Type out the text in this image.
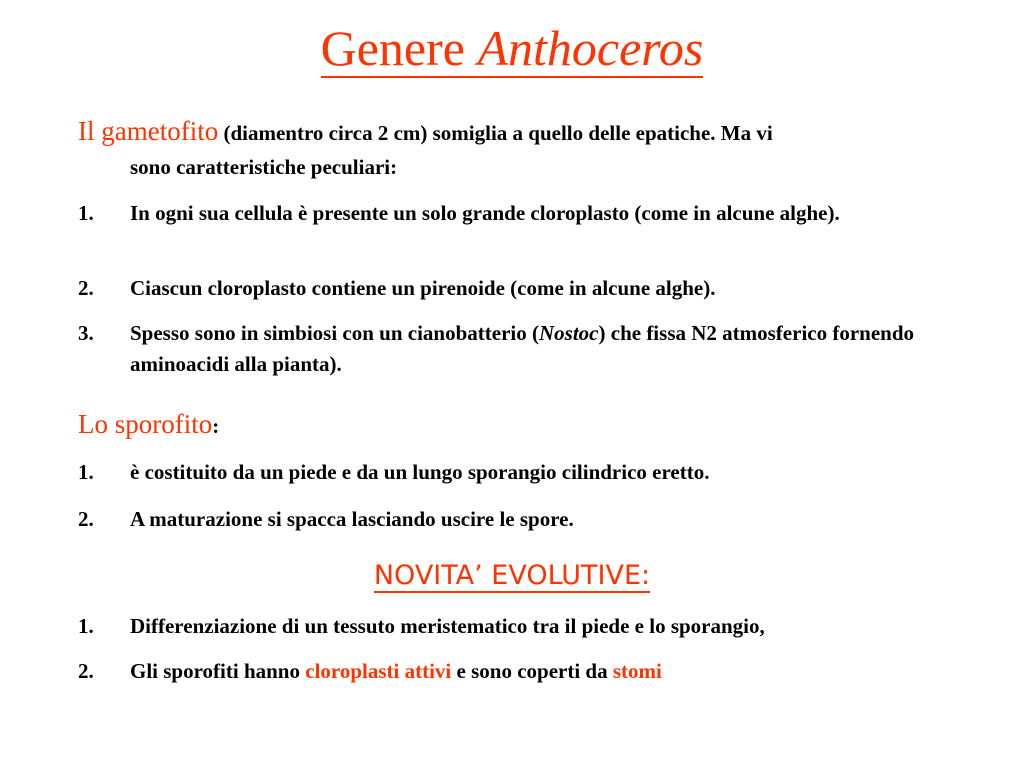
Genere Anthoceros
Il gametofito (diamentro circa 2 cm) somiglia a quello delle epatiche. Ma vi
sono caratteristiche peculiari:
1.	In ogni sua cellula è presente un solo grande cloroplasto (come in alcune alghe).
2.	Ciascun cloroplasto contiene un pirenoide (come in alcune alghe).
3.	Spesso sono in simbiosi con un cianobatterio (Nostoc) che fissa N2 atmosferico fornendo aminoacidi alla pianta).
Lo sporofito:
1.	è costituito da un piede e da un lungo sporangio cilindrico eretto.
2.	A maturazione si spacca lasciando uscire le spore.
NOVITA’ EVOLUTIVE:
1.	Differenziazione di un tessuto meristematico tra il piede e lo sporangio,
2.	Gli sporofiti hanno cloroplasti attivi e sono coperti da stomi
